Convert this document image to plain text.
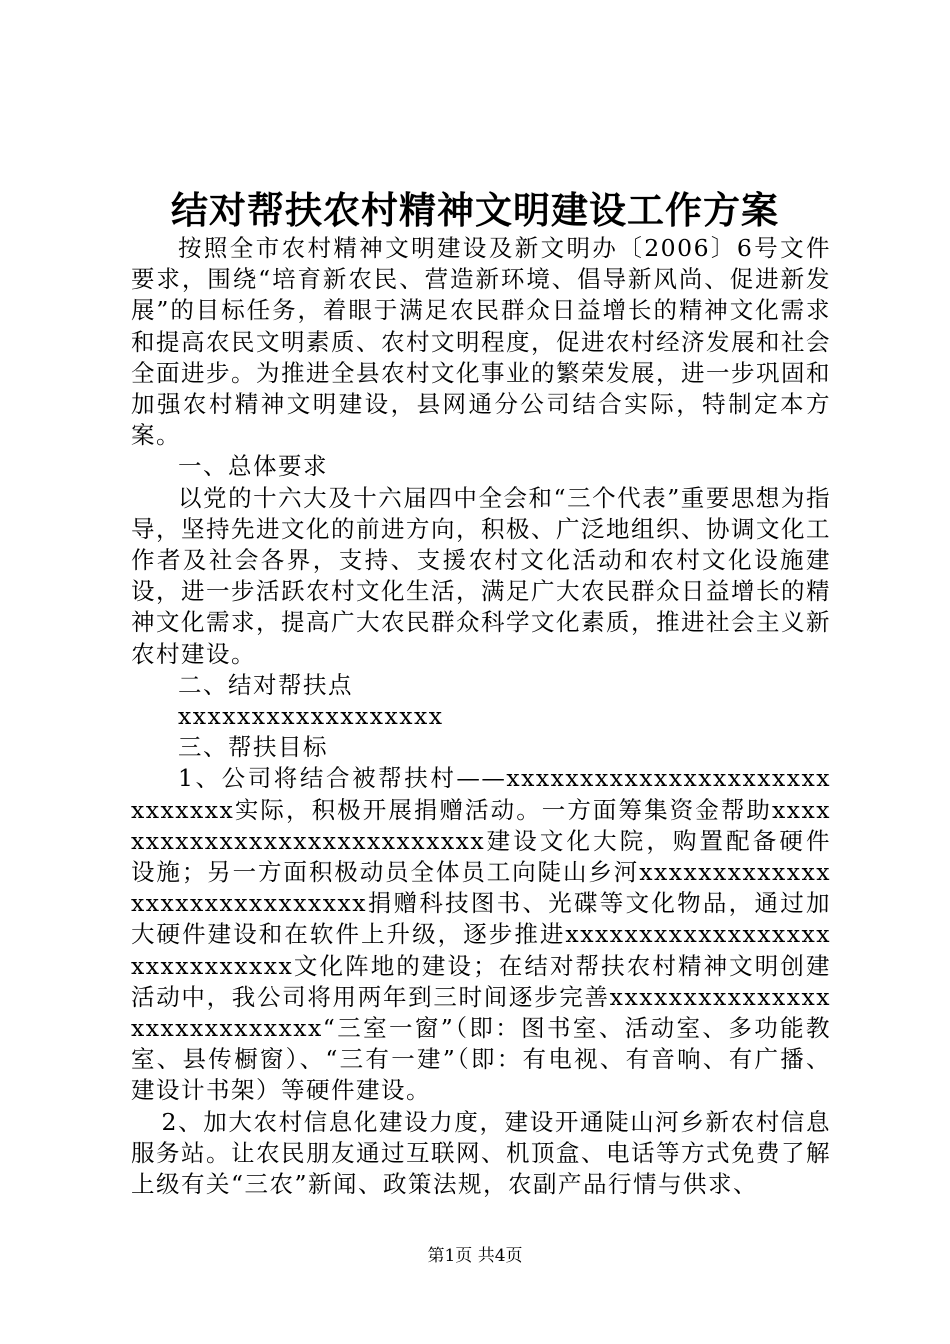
结对帮扶农村精神文明建设工作方案

按照全市农村精神文明建设及新文明办〔2006〕6号文件要求，围绕“培育新农民、营造新环境、倡导新风尚、促进新发展”的目标任务，着眼于满足农民群众日益增长的精神文化需求和提高农民文明素质、农村文明程度，促进农村经济发展和社会全面进步。为推进全县农村文化事业的繁荣发展，进一步巩固和加强农村精神文明建设，县网通分公司结合实际，特制定本方案。

一、总体要求

以党的十六大及十六届四中全会和“三个代表”重要思想为指导，坚持先进文化的前进方向，积极、广泛地组织、协调文化工作者及社会各界，支持、支援农村文化活动和农村文化设施建设，进一步活跃农村文化生活，满足广大农民群众日益增长的精神文化需求，提高广大农民群众科学文化素质，推进社会主义新农村建设。

二、结对帮扶点

xxxxxxxxxxxxxxxxxx

三、帮扶目标

1、公司将结合被帮扶村——xxxxxxxxxxxxxxxxxxxxxxxxxxxxx实际，积极开展捐赠活动。一方面筹集资金帮助xxxxxxxxxxxxxxxxxxxxxxxxxxxx建设文化大院，购置配备硬件设施；另一方面积极动员全体员工向陡山乡河xxxxxxxxxxxxxxxxxxxxxxxxxxxxx捐赠科技图书、光碟等文化物品，通过加大硬件建设和在软件上升级，逐步推进xxxxxxxxxxxxxxxxxxxxxxxxxxxxx文化阵地的建设；在结对帮扶农村精神文明创建活动中，我公司将用两年到三时间逐步完善xxxxxxxxxxxxxxxxxxxxxxxxxxxx“三室一窗”（即：图书室、活动室、多功能教室、县传橱窗）、“三有一建”（即：有电视、有音响、有广播、建设计书架）等硬件建设。

2、加大农村信息化建设力度，建设开通陡山河乡新农村信息服务站。让农民朋友通过互联网、机顶盒、电话等方式免费了解上级有关“三农”新闻、政策法规，农副产品行情与供求、

第1页 共4页
